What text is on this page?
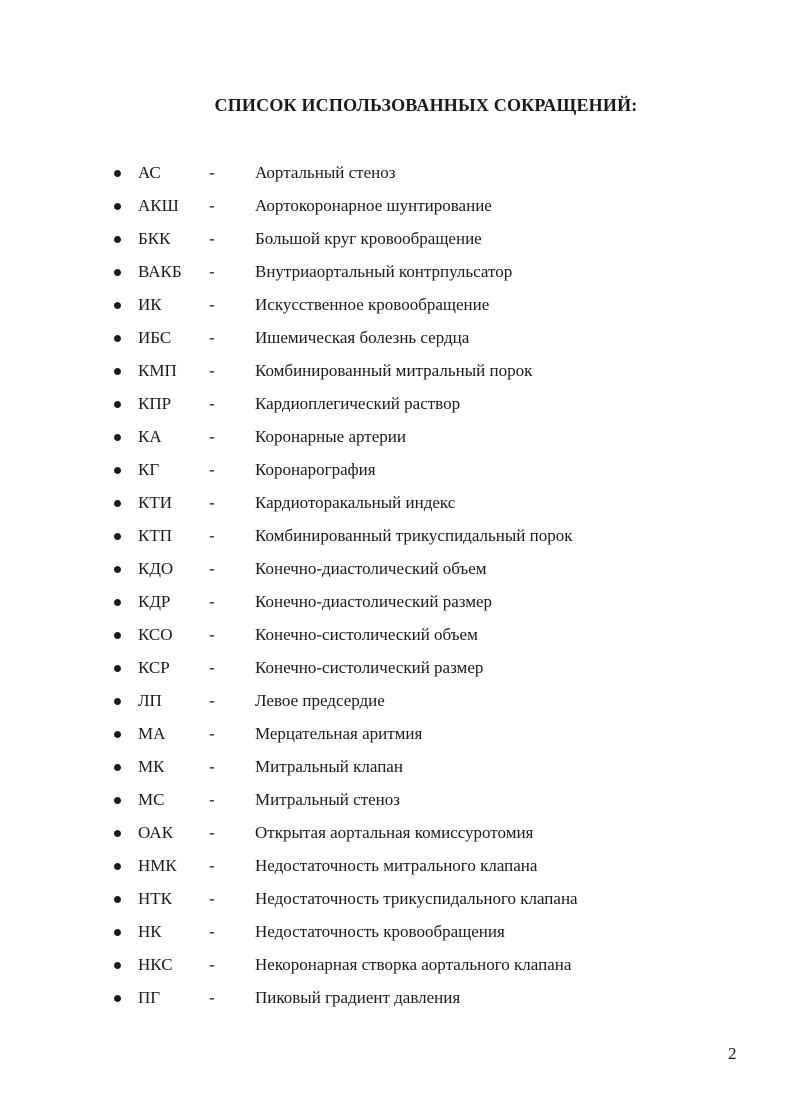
СПИСОК ИСПОЛЬЗОВАННЫХ СОКРАЩЕНИЙ:
АС	- Аортальный стеноз
АКШ - Аортокоронарное шунтирование
БКК - Большой круг кровообращение
ВАКБ - Внутриаортальный контрпульсатор
ИК	- Искусственное кровообращение
ИБС - Ишемическая болезнь сердца
КМП - Комбинированный митральный порок
КПР - Кардиоплегический раствор
КА	- Коронарные артерии
КГ	- Коронарография
КТИ - Кардиоторакальный индекс
КТП - Комбинированный трикуспидальный порок
КДО - Конечно-диастолический объем
КДР - Конечно-диастолический размер
КСО - Конечно-систолический объем
КСР - Конечно-систолический размер
ЛП	- Левое предсердие
МА	- Мерцательная аритмия
МК	- Митральный клапан
МС	- Митральный стеноз
ОАК - Открытая аортальная комиссуротомия
НМК - Недостаточность митрального клапана
НТК - Недостаточность трикуспидального клапана
НК	- Недостаточность кровообращения
НКС - Некоронарная створка аортального клапана
ПГ	- Пиковый градиент давления
2
